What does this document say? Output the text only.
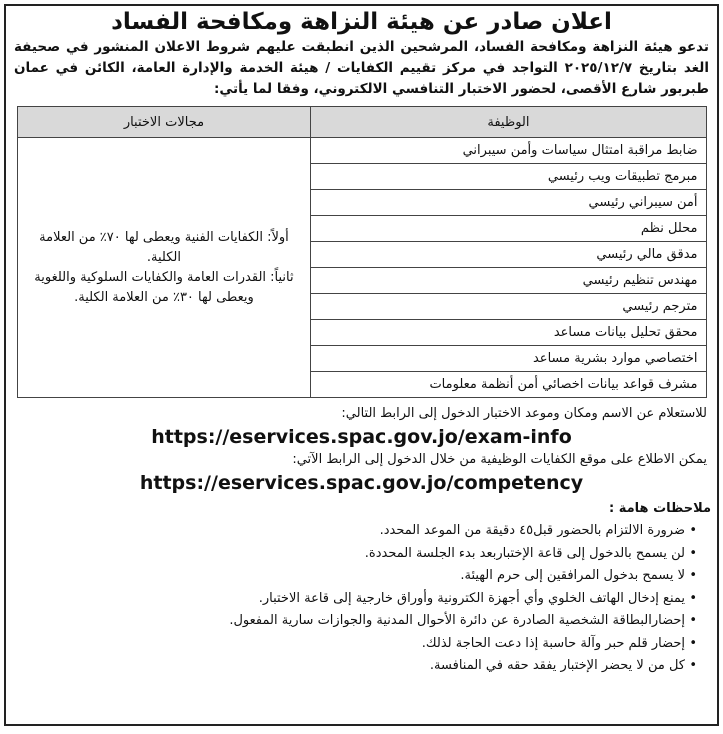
اعلان صادر عن هيئة النزاهة ومكافحة الفساد
تدعو هيئة النزاهة ومكافحة الفساد، المرشحين الذين انطبقت عليهم شروط الاعلان المنشور في صحيفة الغد بتاريخ ٢٠٢٥/١٢/٧ التواجد في مركز تقييم الكفايات / هيئة الخدمة والإدارة العامة، الكائن في عمان طبربور شارع الأقصى، لحضور الاختبار التنافسي الالكتروني، وفقا لما يأتي:
الوظيفة	مجالات الاختبار
ضابط مراقبة امتثال سياسات وأمن سيبراني	أولاً: الكفايات الفنية ويعطى لها ٧٠٪ من العلامة الكلية.
ثانياً: القدرات العامة والكفايات السلوكية واللغوية ويعطى لها ٣٠٪ من العلامة الكلية.

مبرمج تطبيقات ويب رئيسي	
أمن سيبراني رئيسي	
محلل نظم	
مدقق مالي رئيسي	
مهندس تنظيم رئيسي	
مترجم رئيسي	
محقق تحليل بيانات مساعد	
اختصاصي موارد بشرية مساعد	
مشرف قواعد بيانات اخصائي أمن أنظمة معلومات	
للاستعلام عن الاسم ومكان وموعد الاختبار الدخول إلى الرابط التالي:
https://eservices.spac.gov.jo/exam-info
يمكن الاطلاع على موقع الكفايات الوظيفية من خلال الدخول إلى الرابط الآتي:
https://eservices.spac.gov.jo/competency
ملاحظات هامة :
•
ضرورة الالتزام بالحضور قبل٤٥ دقيقة من الموعد المحدد.
•
لن يسمح بالدخول إلى قاعة الإختباربعد بدء الجلسة المحددة.
•
لا يسمح بدخول المرافقين إلى حرم الهيئة.
•
يمنع إدخال الهاتف الخلوي وأي أجهزة الكترونية وأوراق خارجية إلى قاعة الاختبار.
•
إحضارالبطاقة الشخصية الصادرة عن دائرة الأحوال المدنية والجوازات سارية المفعول.
•
إحضار قلم حبر وآلة حاسبة إذا دعت الحاجة لذلك.
•
كل من لا يحضر الإختبار يفقد حقه في المنافسة.
